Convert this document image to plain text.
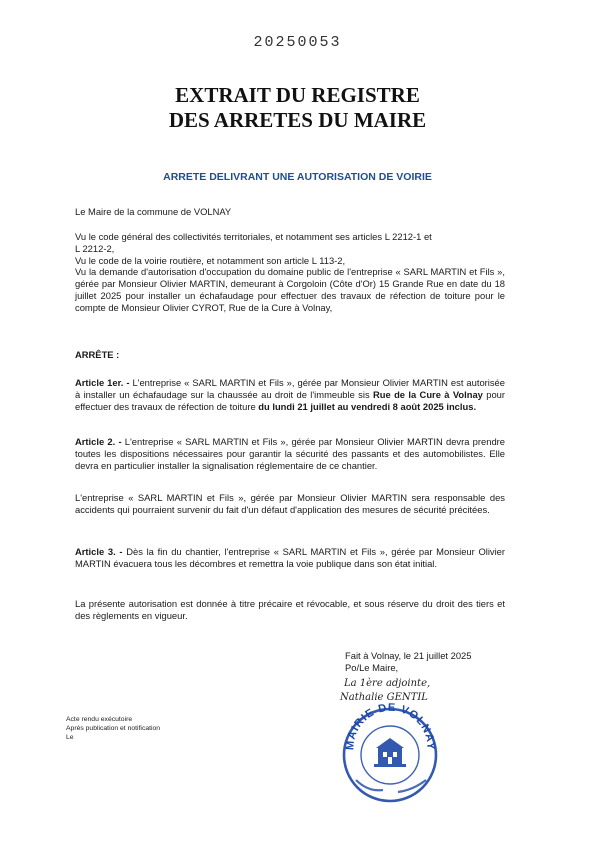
20250053
EXTRAIT DU REGISTRE
DES ARRETES DU MAIRE
ARRETE DELIVRANT UNE AUTORISATION DE VOIRIE
Le Maire de la commune de VOLNAY
Vu le code général des collectivités territoriales, et notamment ses articles L 2212-1 et
L 2212-2,
Vu le code de la voirie routière, et notamment son article L 113-2,
Vu la demande d'autorisation d'occupation du domaine public de l'entreprise « SARL MARTIN et Fils », gérée par Monsieur Olivier MARTIN, demeurant à Corgoloin (Côte d'Or) 15 Grande Rue en date du 18 juillet 2025 pour installer un échafaudage pour effectuer des travaux de réfection de toiture pour le compte de Monsieur Olivier CYROT, Rue de la Cure à Volnay,
ARRÊTE :
Article 1er. - L'entreprise « SARL MARTIN et Fils », gérée par Monsieur Olivier MARTIN est autorisée à installer un échafaudage sur la chaussée au droit de l'immeuble sis Rue de la Cure à Volnay pour effectuer des travaux de réfection de toiture du lundi 21 juillet au vendredi 8 août 2025 inclus.
Article 2. - L'entreprise « SARL MARTIN et Fils », gérée par Monsieur Olivier MARTIN devra prendre toutes les dispositions nécessaires pour garantir la sécurité des passants et des automobilistes. Elle devra en particulier installer la signalisation réglementaire de ce chantier.
L'entreprise « SARL MARTIN et Fils », gérée par Monsieur Olivier MARTIN sera responsable des accidents qui pourraient survenir du fait d'un défaut d'application des mesures de sécurité précitées.
Article 3. - Dès la fin du chantier, l'entreprise « SARL MARTIN et Fils », gérée par Monsieur Olivier MARTIN évacuera tous les décombres et remettra la voie publique dans son état initial.
La présente autorisation est donnée à titre précaire et révocable, et sous réserve du droit des tiers et des règlements en vigueur.
Fait à Volnay, le 21 juillet 2025
Po/Le Maire,
La 1ère adjointe,
Nathalie GENTIL
MAIRIE DE VOLNAY
Acte rendu exécutoire
Après publication et notification
Le
